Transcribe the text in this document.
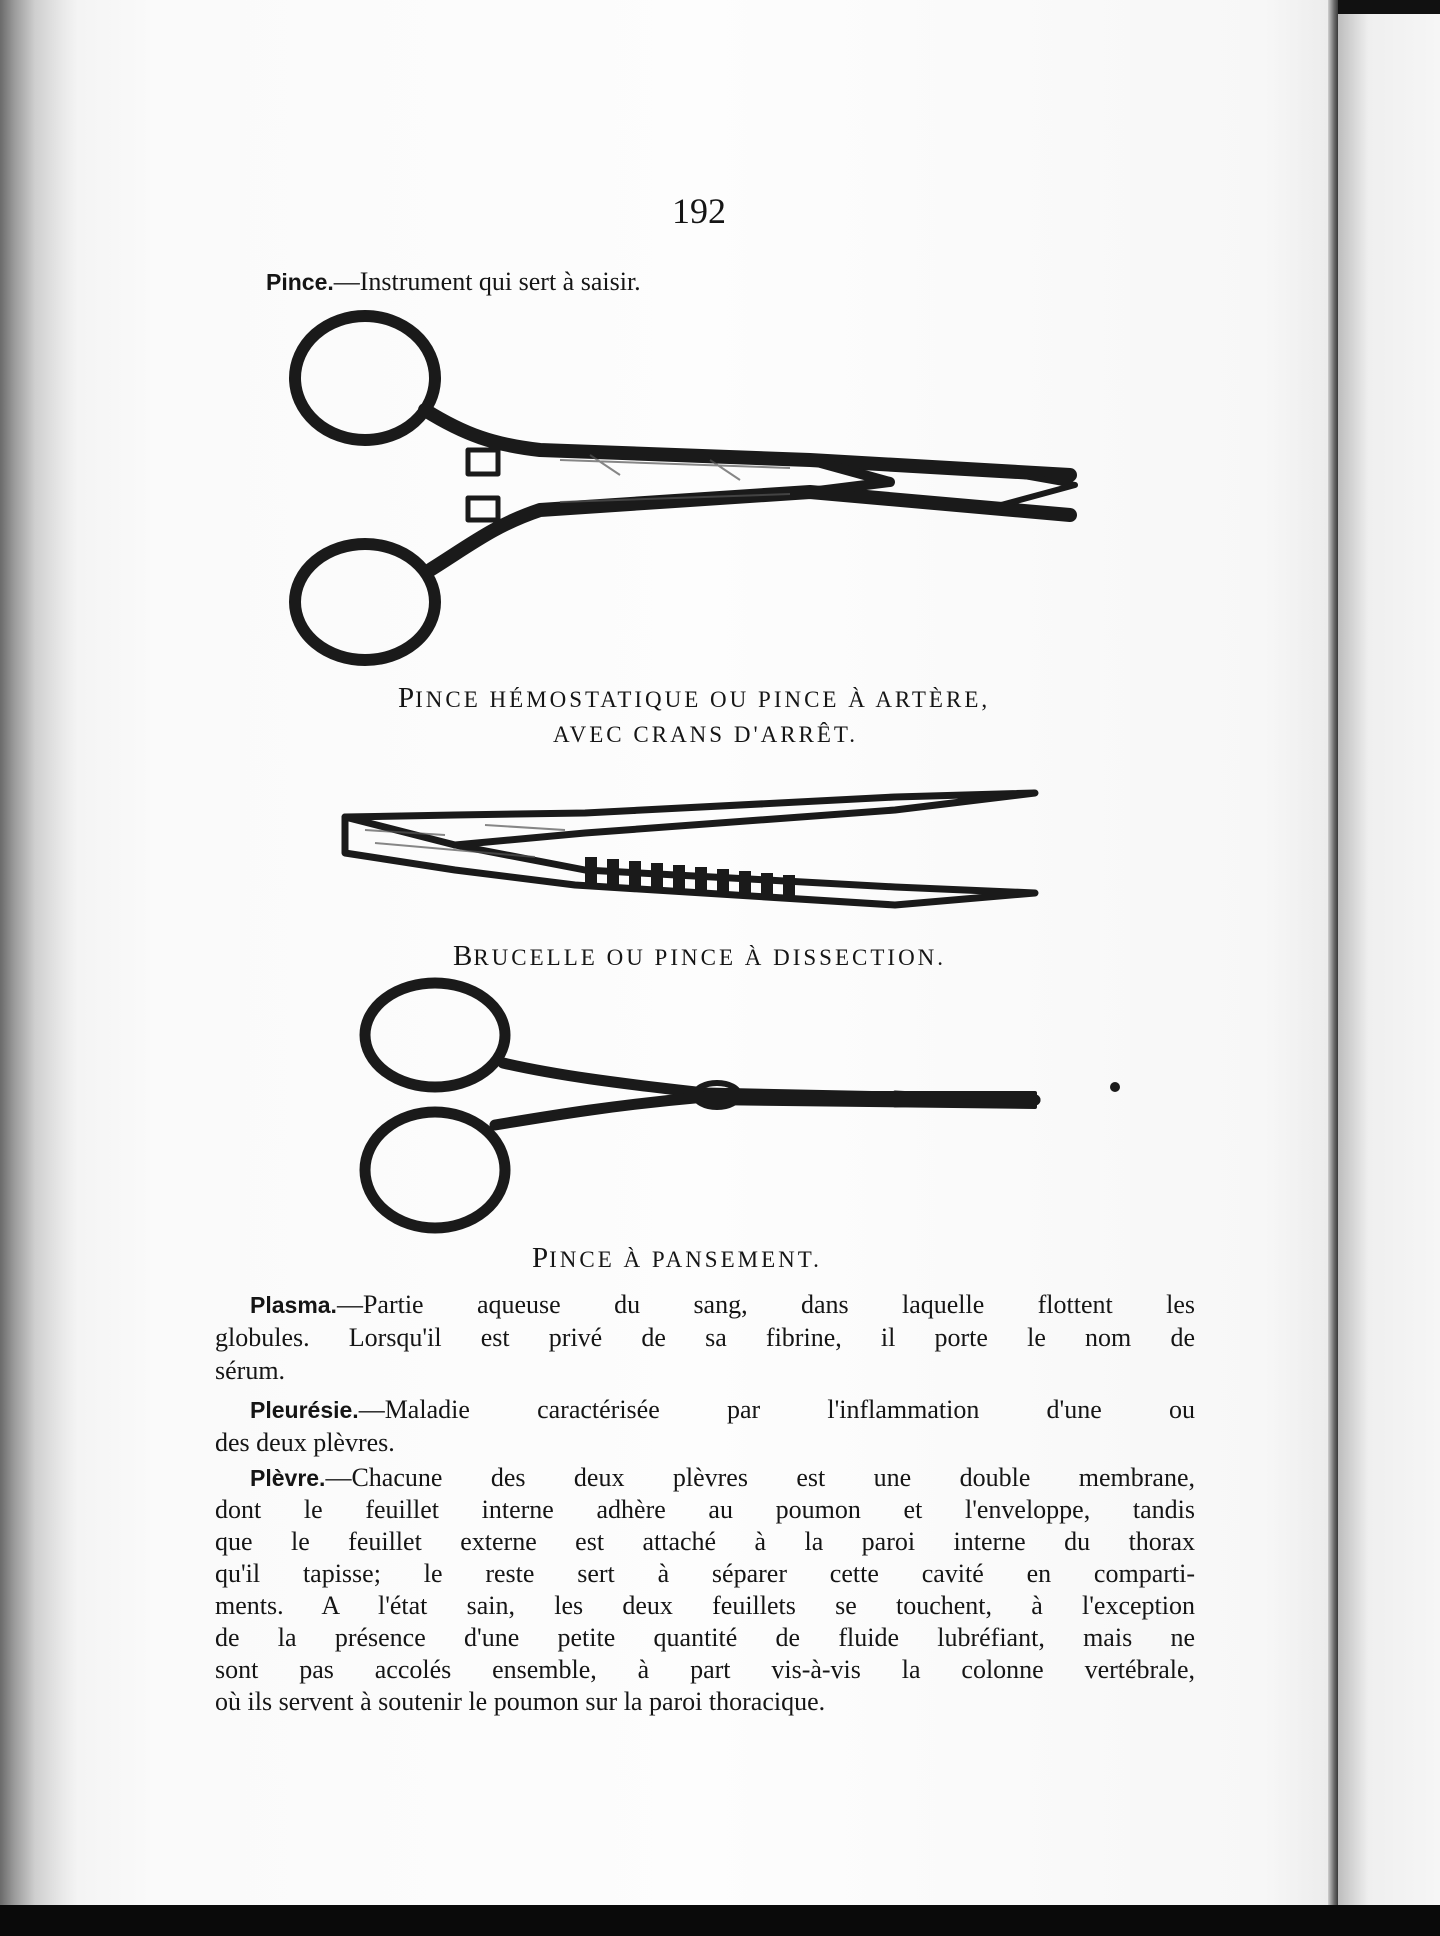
192
Pince.—Instrument qui sert à saisir.
PINCE HÉMOSTATIQUE OU PINCE À ARTÈRE,
AVEC CRANS D'ARRÊT.
BRUCELLE OU PINCE À DISSECTION.
PINCE À PANSEMENT.
Plasma.—Partie aqueuse du sang, dans laquelle flottent les
globules. Lorsqu'il est privé de sa fibrine, il porte le nom de
sérum.
Pleurésie.—Maladie caractérisée par l'inflammation d'une ou
des deux plèvres.
Plèvre.—Chacune des deux plèvres est une double membrane,
dont le feuillet interne adhère au poumon et l'enveloppe, tandis
que le feuillet externe est attaché à la paroi interne du thorax
qu'il tapisse; le reste sert à séparer cette cavité en comparti-
ments. A l'état sain, les deux feuillets se touchent, à l'exception
de la présence d'une petite quantité de fluide lubréfiant, mais ne
sont pas accolés ensemble, à part vis-à-vis la colonne vertébrale,
où ils servent à soutenir le poumon sur la paroi thoracique.
